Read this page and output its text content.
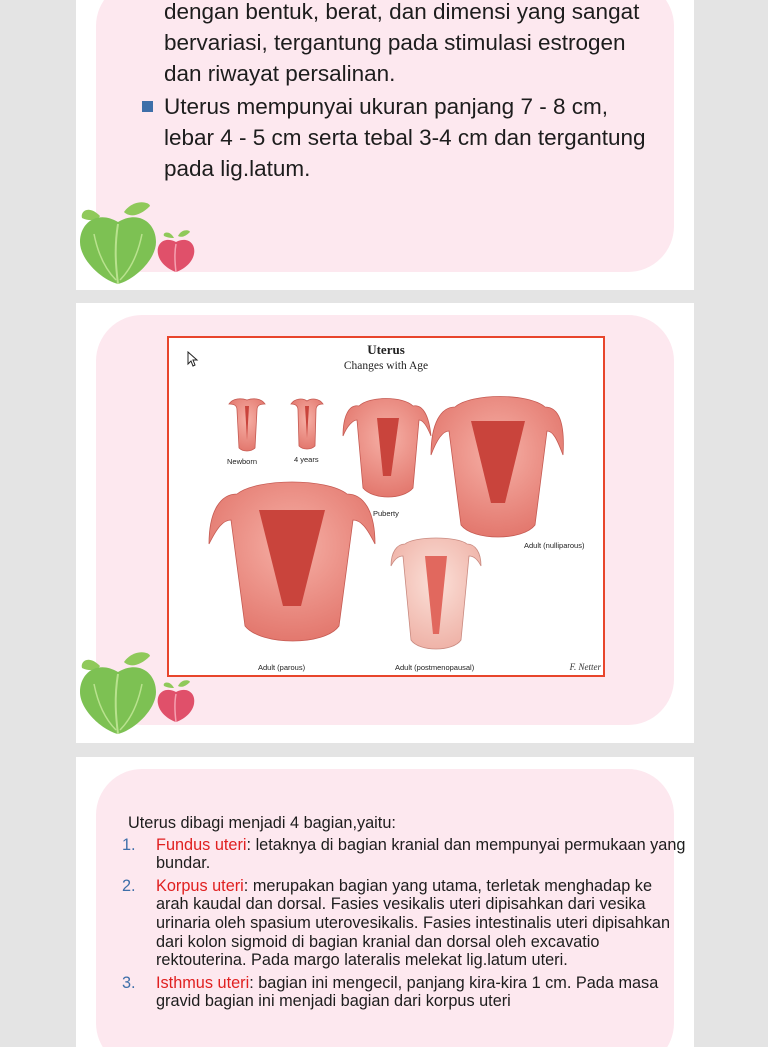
dengan bentuk, berat, dan dimensi yang sangat bervariasi, tergantung pada stimulasi estrogen dan riwayat persalinan.

Uterus mempunyai ukuran panjang 7 - 8 cm, lebar 4 - 5 cm serta tebal 3-4 cm dan tergantung pada lig.latum.

Uterus
Changes with Age
Newborn	4 years
Puberty
Adult (nulliparous)
Adult (parous)	Adult (postmenopausal)	F. Netter

Uterus dibagi menjadi 4 bagian,yaitu:

1. Fundus uteri: letaknya di bagian kranial dan mempunyai permukaan yang bundar.
2. Korpus uteri: merupakan bagian yang utama, terletak menghadap ke arah kaudal dan dorsal. Fasies vesikalis uteri dipisahkan dari vesika urinaria oleh spasium uterovesikalis. Fasies intestinalis uteri dipisahkan dari kolon sigmoid di bagian kranial dan dorsal oleh excavatio rektouterina. Pada margo lateralis melekat lig.latum uteri.
3. Isthmus uteri: bagian ini mengecil, panjang kira-kira 1 cm. Pada masa gravid bagian ini menjadi bagian dari korpus uteri
